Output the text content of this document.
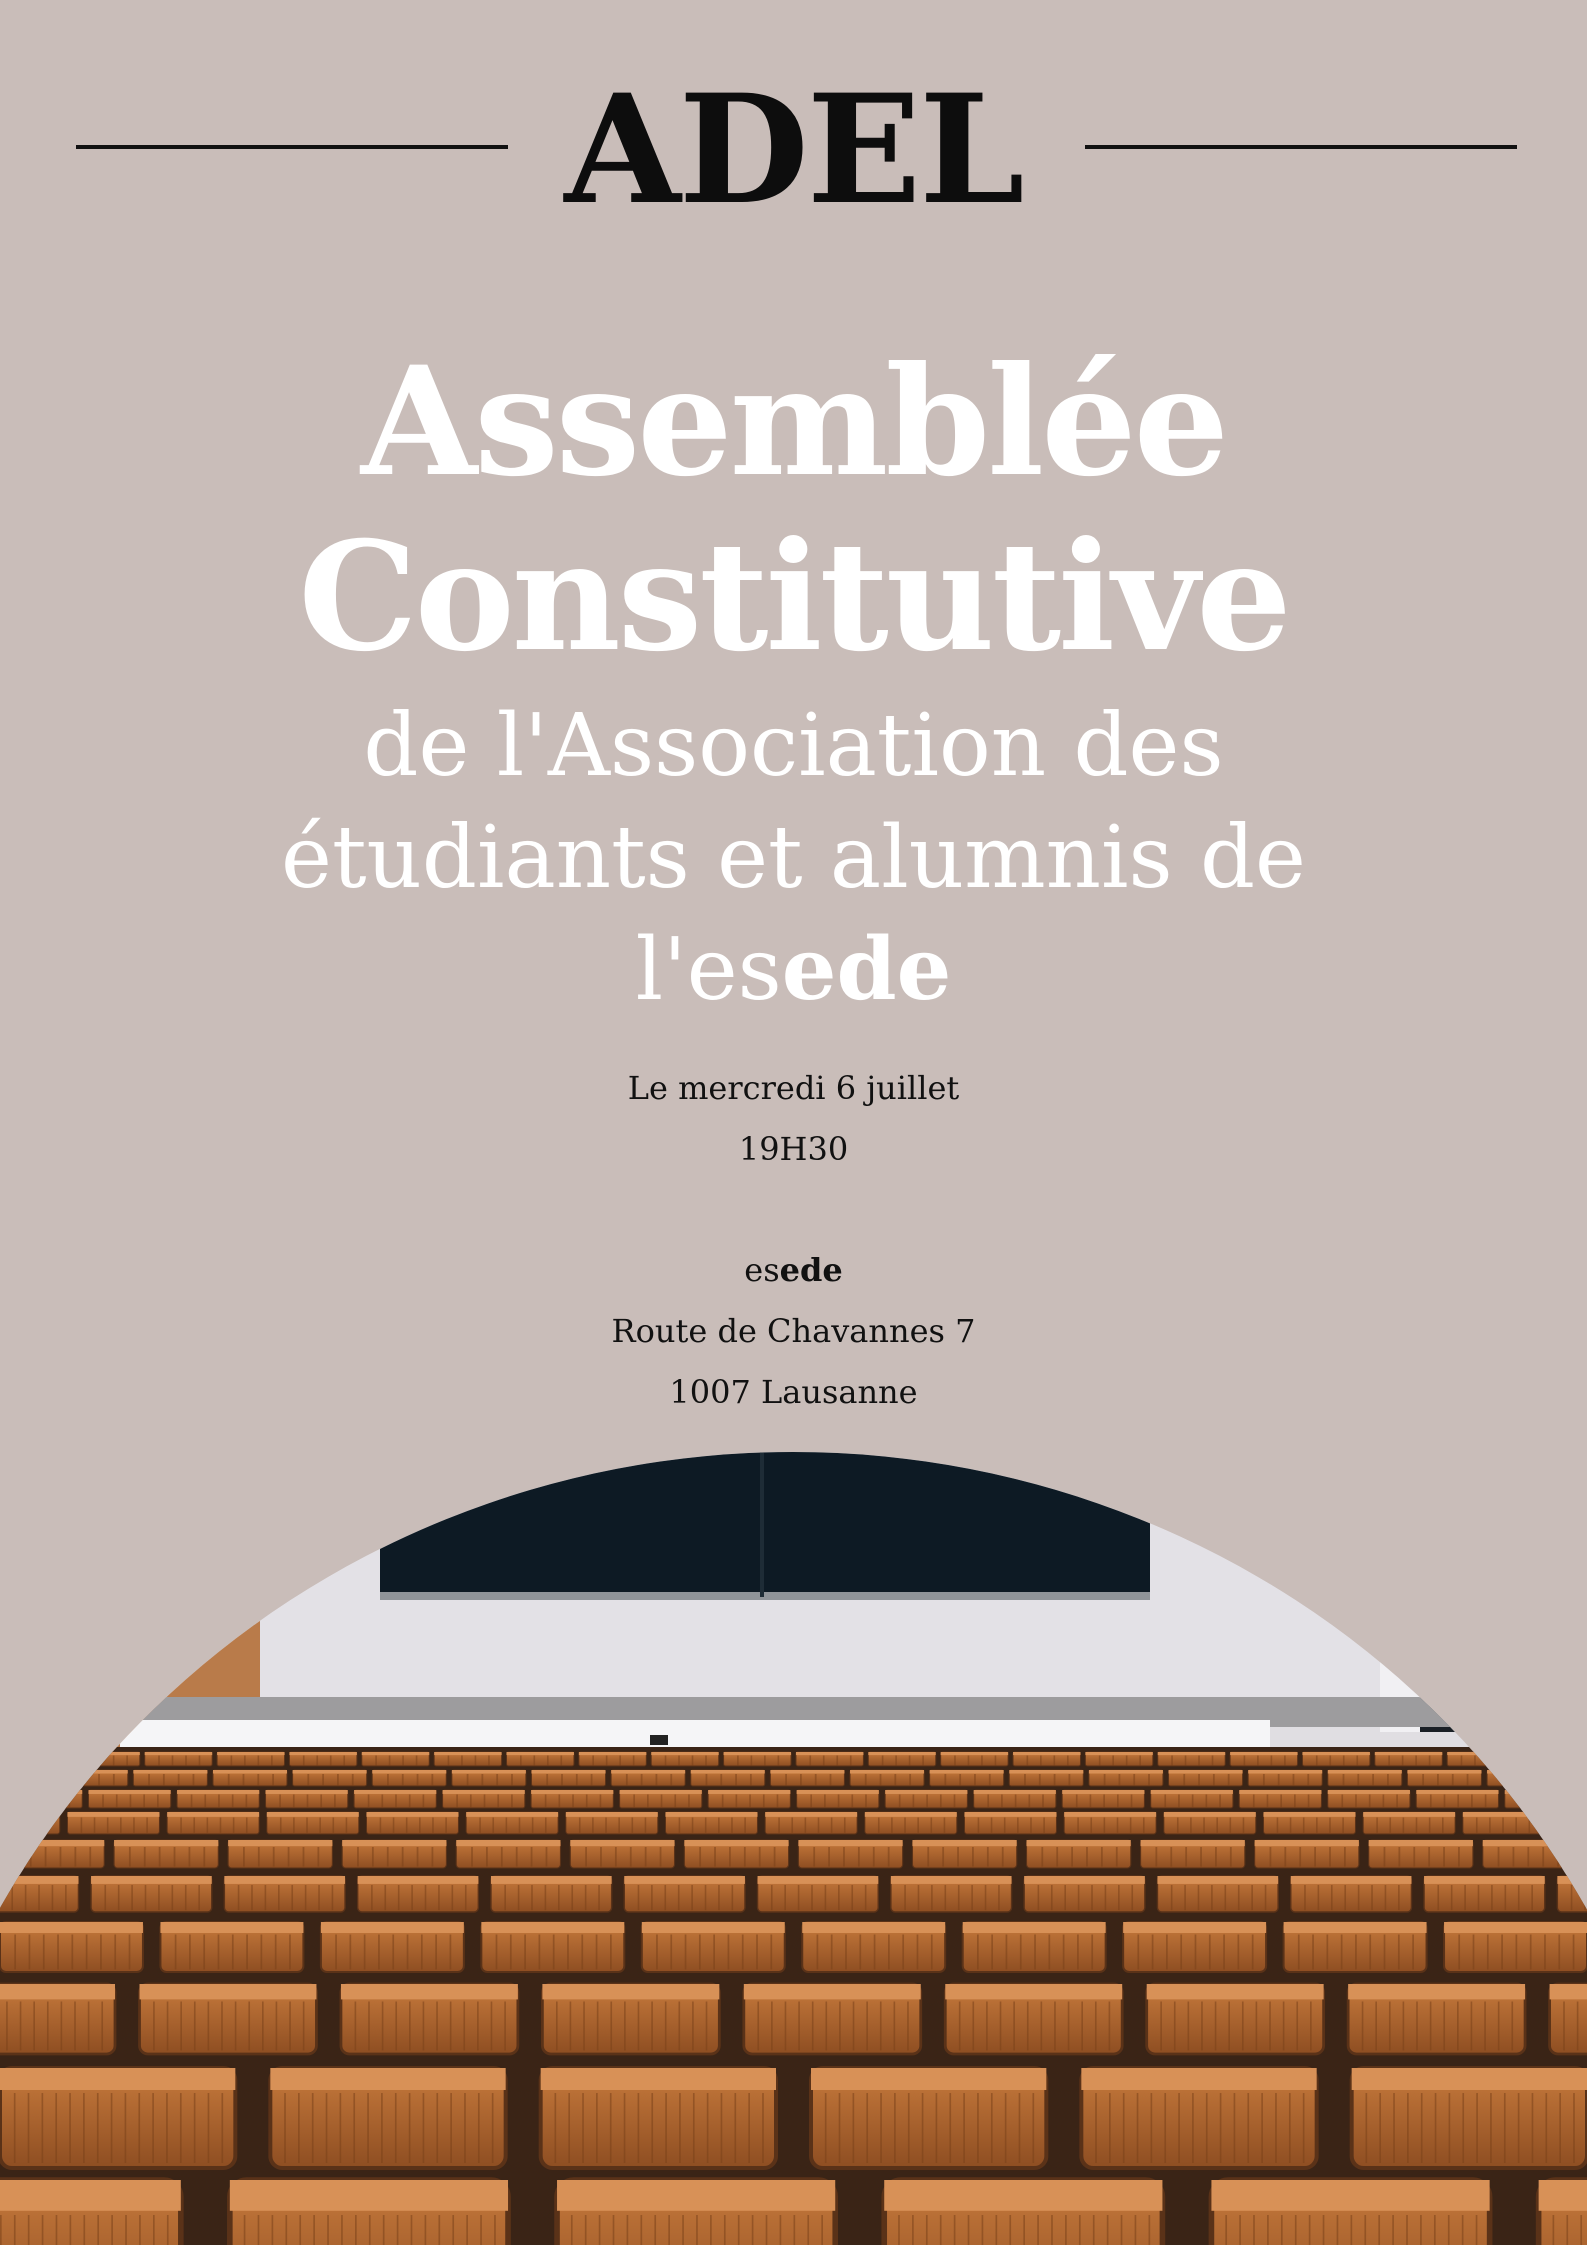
ADEL
Assemblée
Constitutive

de l'Association des
étudiants et alumnis de
l'esede

Le mercredi 6 juillet
19H30
esede
Route de Chavannes 7
1007 Lausanne
